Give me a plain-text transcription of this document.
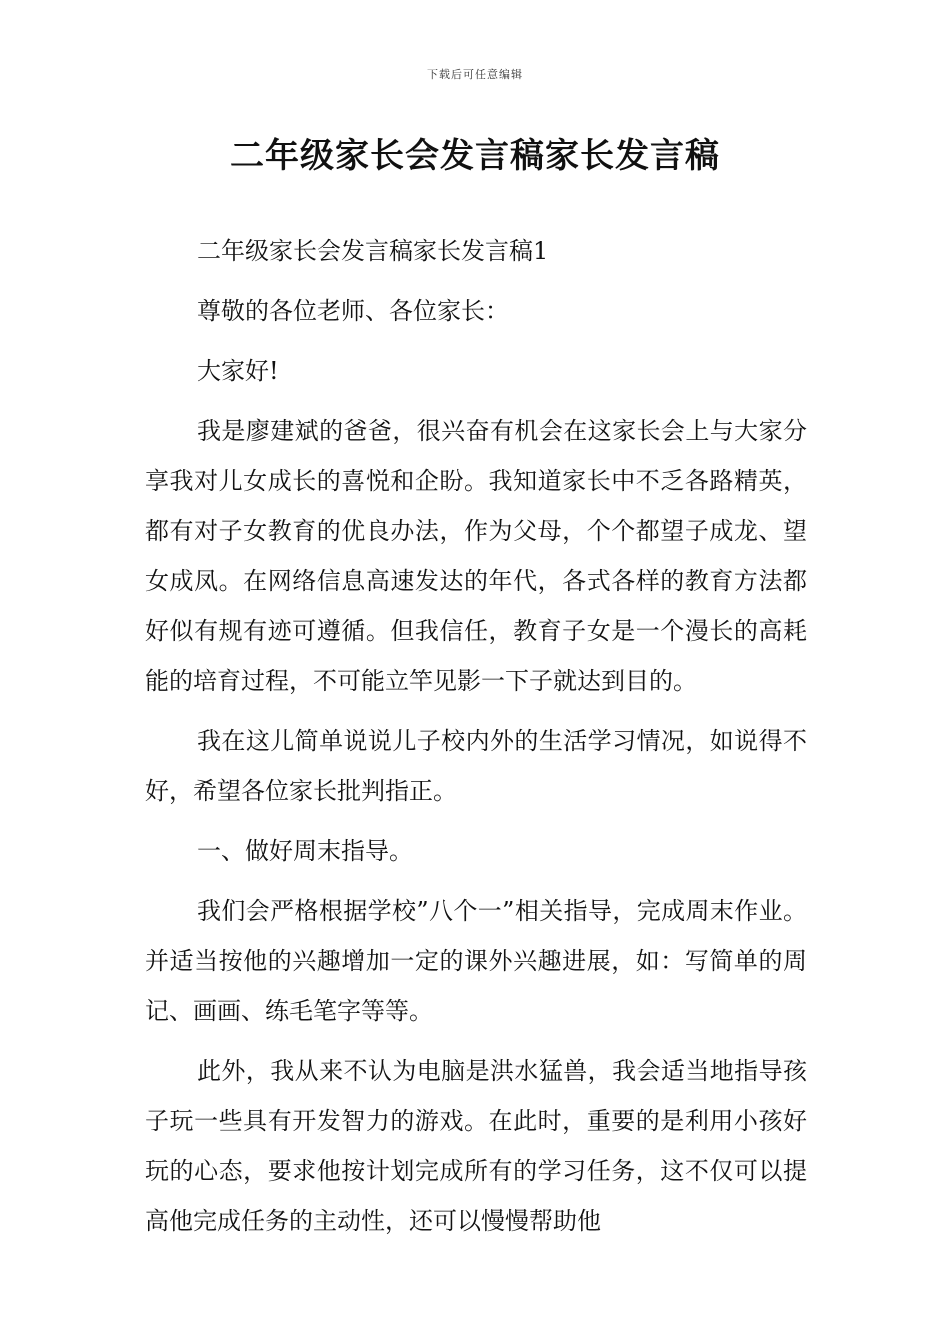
下载后可任意编辑
二年级家长会发言稿家长发言稿

二年级家长会发言稿家长发言稿1

尊敬的各位老师、各位家长：

大家好!

我是廖建斌的爸爸，很兴奋有机会在这家长会上与大家分享我对儿女成长的喜悦和企盼。我知道家长中不乏各路精英，都有对子女教育的优良办法，作为父母，个个都望子成龙、望女成凤。在网络信息高速发达的年代，各式各样的教育方法都好似有规有迹可遵循。但我信任，教育子女是一个漫长的高耗能的培育过程，不可能立竿见影一下子就达到目的。

我在这儿简单说说儿子校内外的生活学习情况，如说得不好，希望各位家长批判指正。

一、做好周末指导。

我们会严格根据学校”八个一”相关指导，完成周末作业。并适当按他的兴趣增加一定的课外兴趣进展，如：写简单的周记、画画、练毛笔字等等。

此外，我从来不认为电脑是洪水猛兽，我会适当地指导孩子玩一些具有开发智力的游戏。在此时，重要的是利用小孩好玩的心态，要求他按计划完成所有的学习任务，这不仅可以提高他完成任务的主动性，还可以慢慢帮助他
